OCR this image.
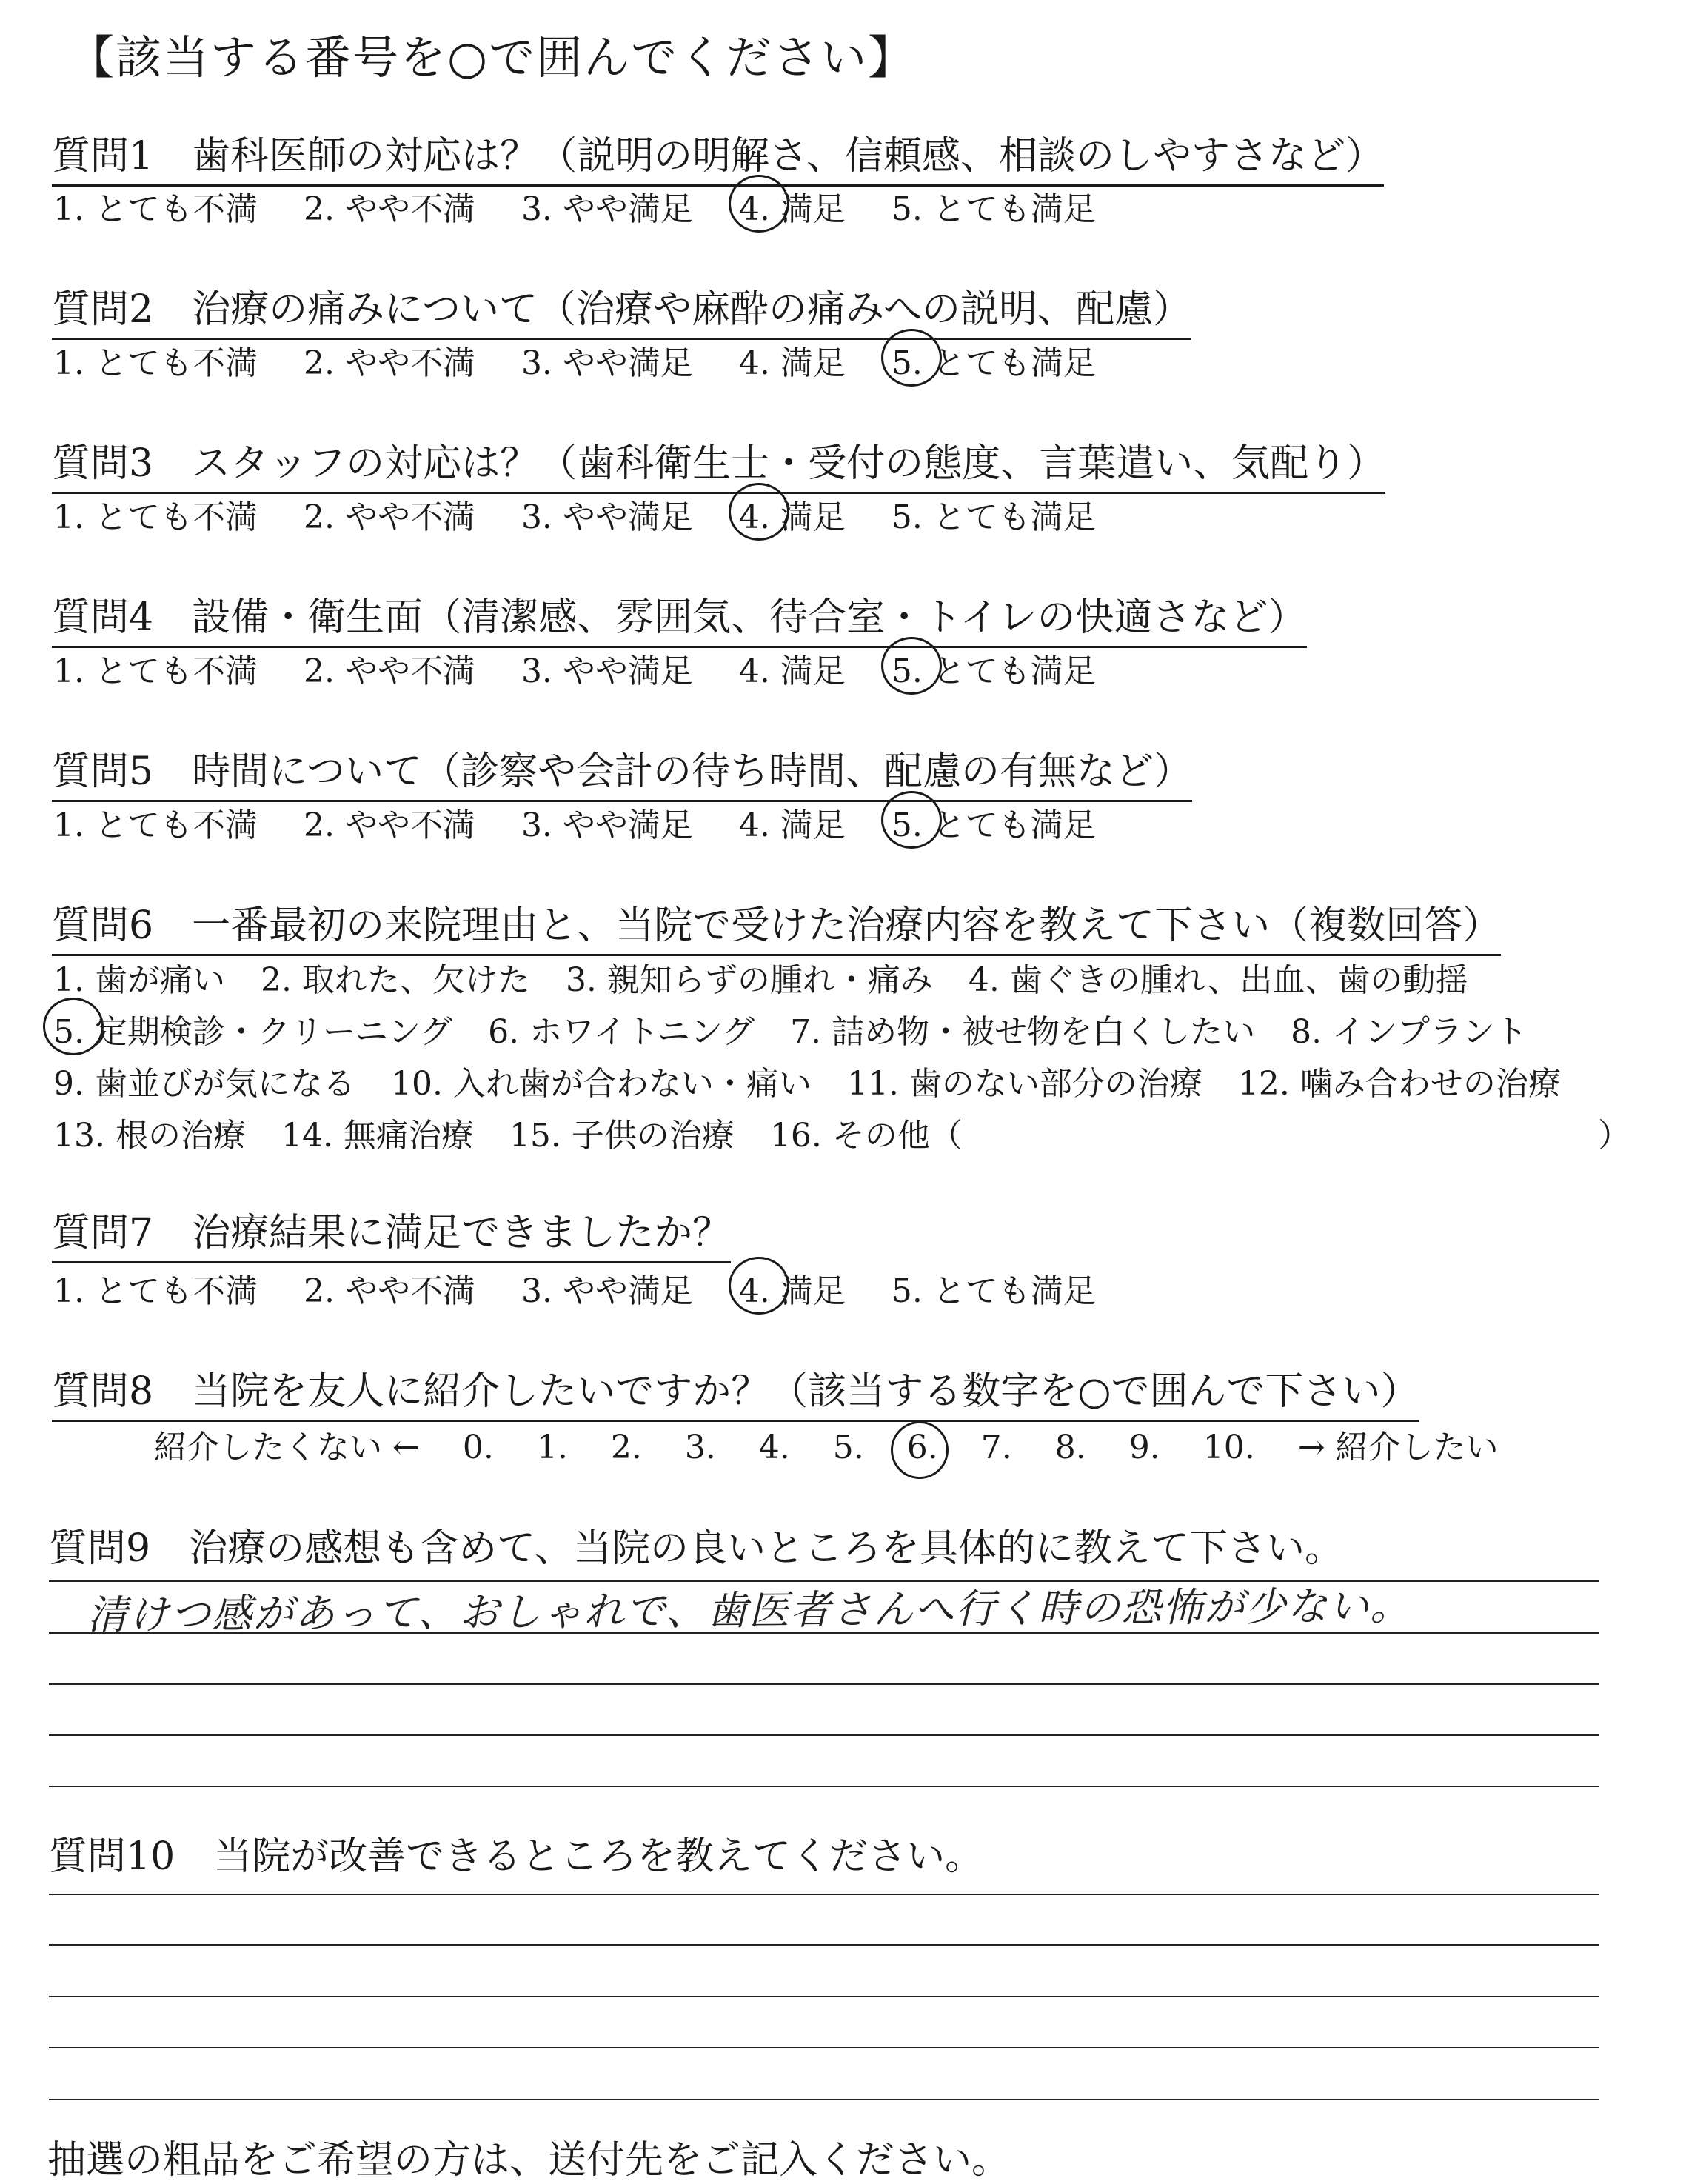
【該当する番号を○で囲んでください】
質問1　歯科医師の対応は？（説明の明解さ、信頼感、相談のしやすさなど）
1. とても不満 2. やや不満 3. やや満足 4. 満足 5. とても満足
質問2　治療の痛みについて（治療や麻酔の痛みへの説明、配慮）
1. とても不満 2. やや不満 3. やや満足 4. 満足 5. とても満足
質問3　スタッフの対応は？（歯科衛生士・受付の態度、言葉遣い、気配り）
1. とても不満 2. やや不満 3. やや満足 4. 満足 5. とても満足
質問4　設備・衛生面（清潔感、雰囲気、待合室・トイレの快適さなど）
1. とても不満 2. やや不満 3. やや満足 4. 満足 5. とても満足
質問5　時間について（診察や会計の待ち時間、配慮の有無など）
1. とても不満 2. やや不満 3. やや満足 4. 満足 5. とても満足
質問6　一番最初の来院理由と、当院で受けた治療内容を教えて下さい（複数回答）
1. 歯が痛い 2. 取れた、欠けた 3. 親知らずの腫れ・痛み 4. 歯ぐきの腫れ、出血、歯の動揺
5. 定期検診・クリーニング 6. ホワイトニング 7. 詰め物・被せ物を白くしたい 8. インプラント
9. 歯並びが気になる 10. 入れ歯が合わない・痛い 11. 歯のない部分の治療 12. 噛み合わせの治療
13. 根の治療 14. 無痛治療 15. 子供の治療 16. その他（	）
質問7　治療結果に満足できましたか？
1. とても不満 2. やや不満 3. やや満足 4. 満足 5. とても満足
質問8　当院を友人に紹介したいですか？（該当する数字を○で囲んで下さい）
紹介したくない ← 0. 1. 2. 3. 4. 5. 6. 7. 8. 9. 10. → 紹介したい
質問9　治療の感想も含めて、当院の良いところを具体的に教えて下さい。
清けつ感があって、おしゃれで、歯医者さんへ行く時の恐怖が少ない。
質問10　当院が改善できるところを教えてください。
抽選の粗品をご希望の方は、送付先をご記入ください。
